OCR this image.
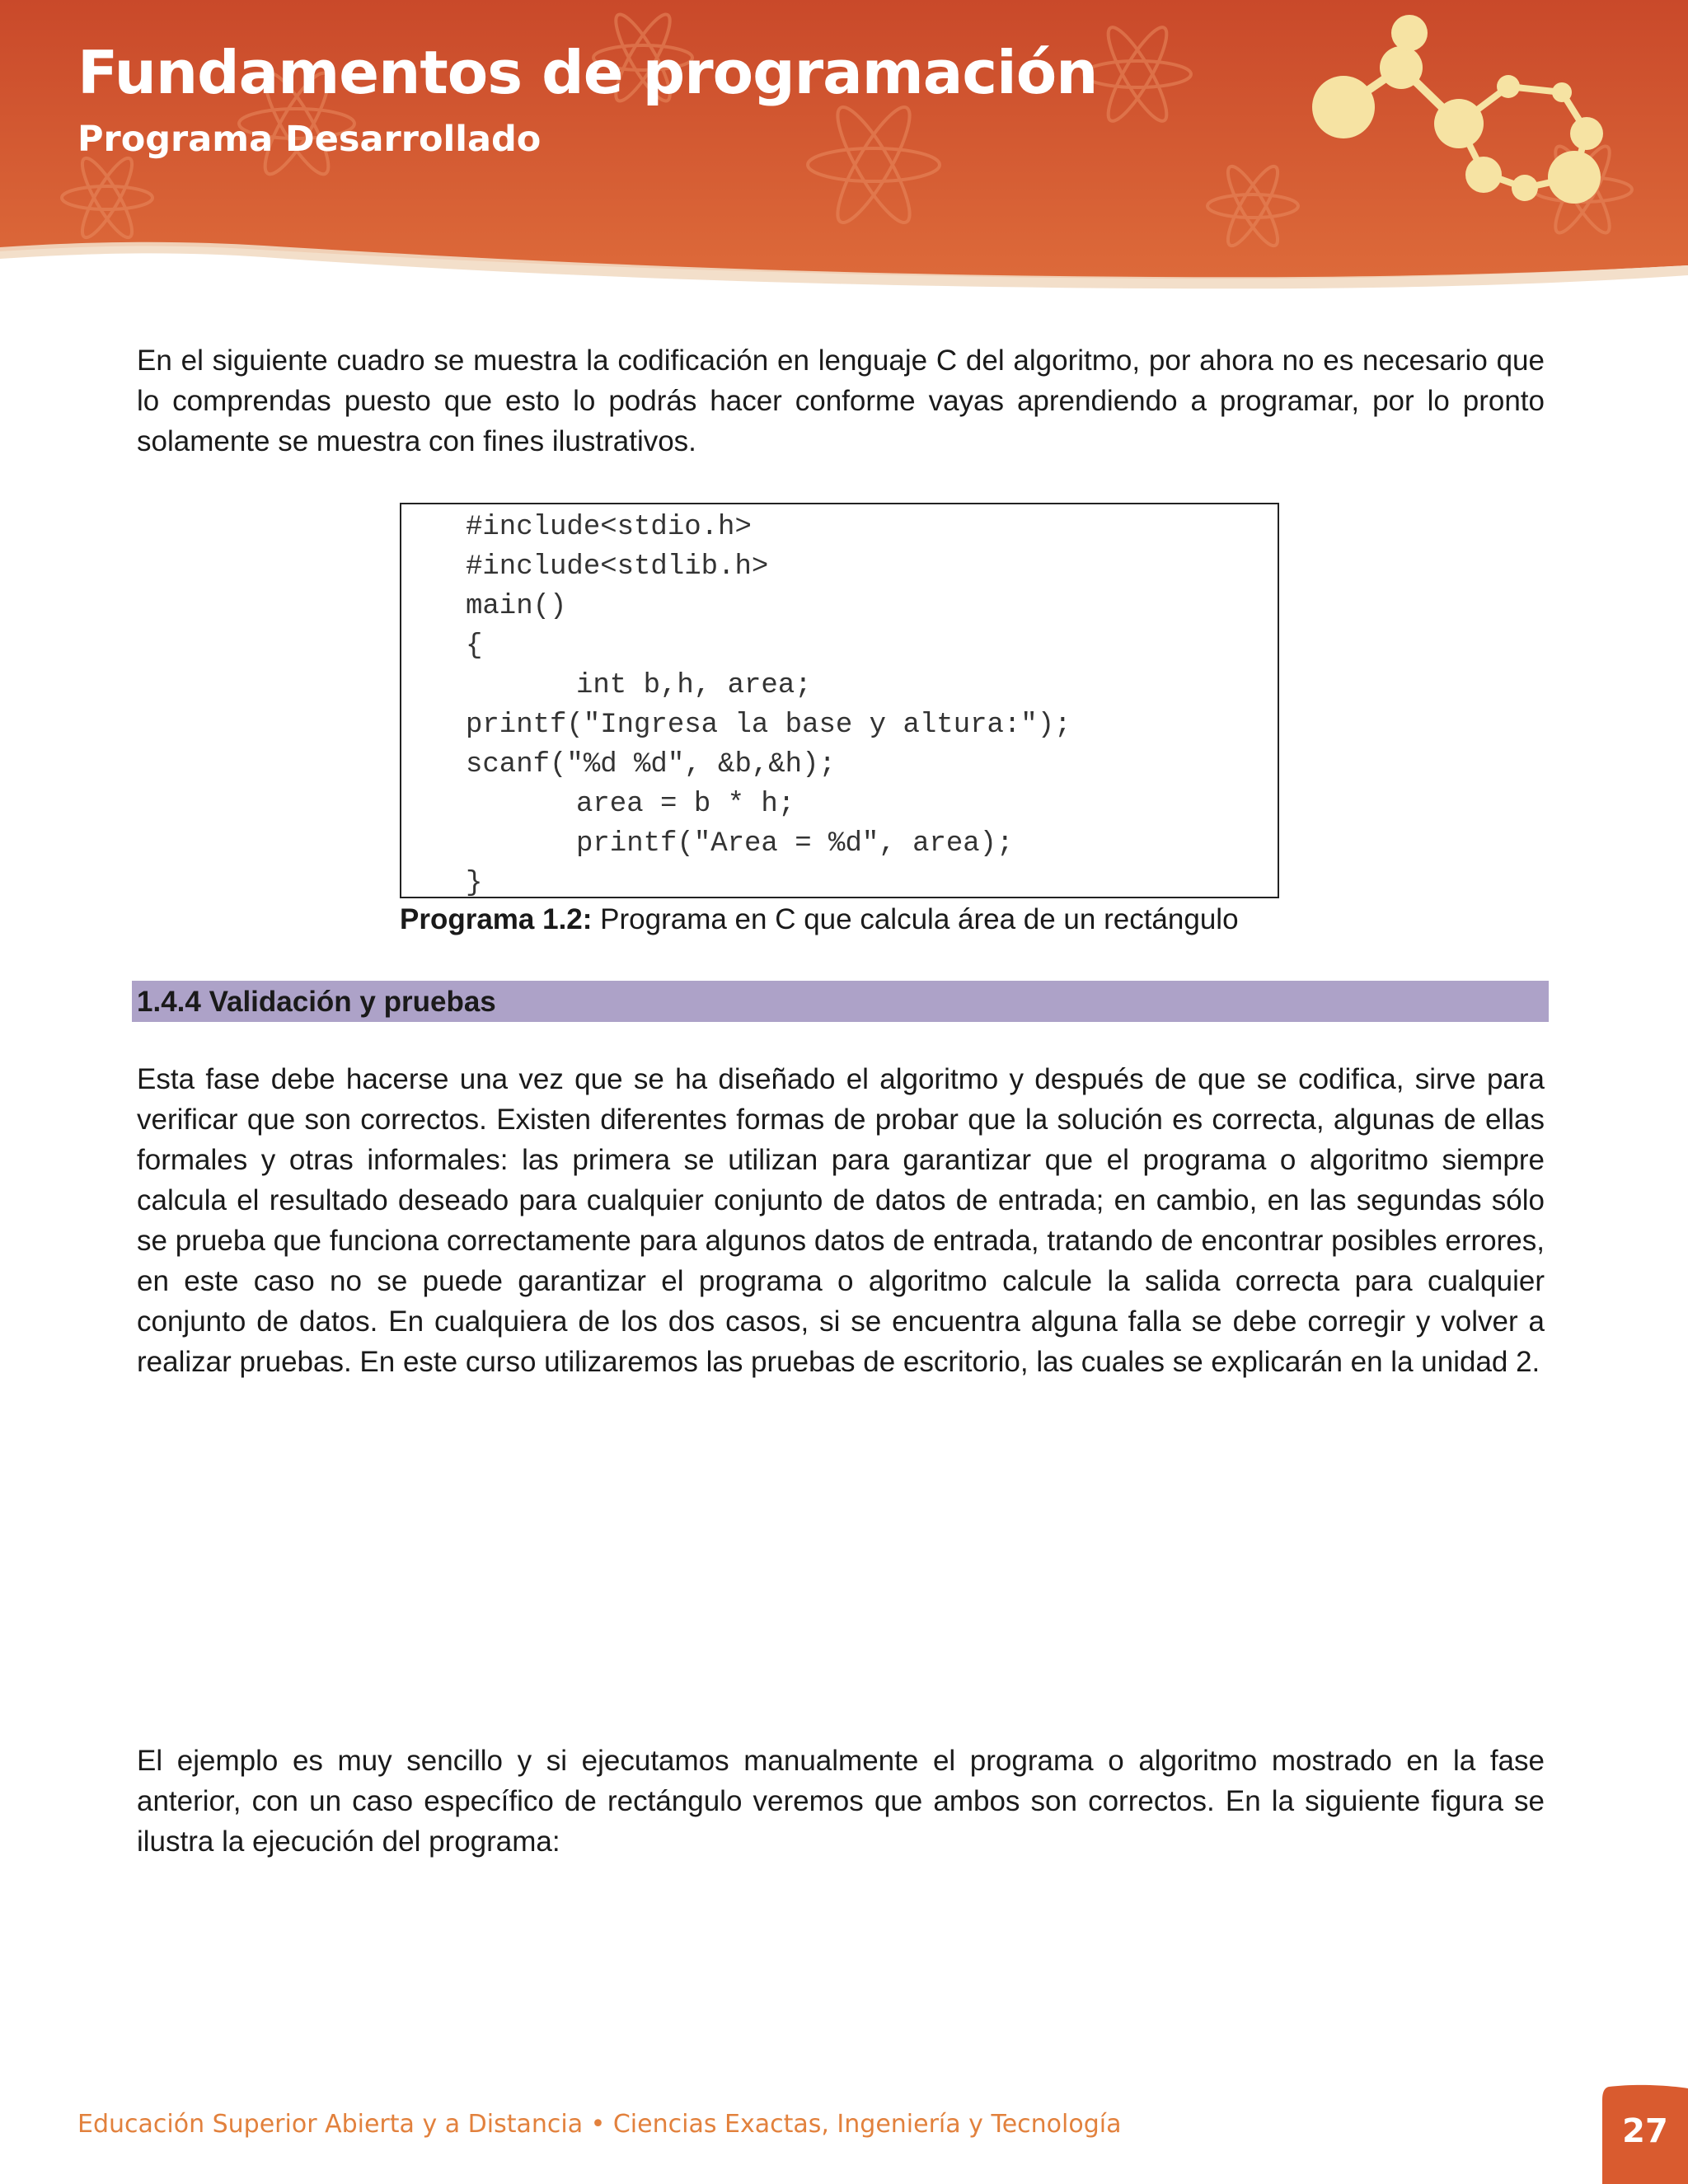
Fundamentos de programación
Programa Desarrollado

En el siguiente cuadro se muestra la codificación en lenguaje C del algoritmo, por ahora no es necesario que lo comprendas puesto que esto lo podrás hacer conforme vayas aprendiendo a programar, por lo pronto solamente se muestra con fines ilustrativos.

#include<stdio.h>
#include<stdlib.h>
main()
{
int b,h, area;
printf("Ingresa la base y altura:");
scanf("%d %d", &b,&h);
area = b * h;
printf("Area = %d", area);
}
Programa 1.2: Programa en C que calcula área de un rectángulo
1.4.4 Validación y pruebas

Esta fase debe hacerse una vez que se ha diseñado el algoritmo y después de que se codifica, sirve para verificar que son correctos. Existen diferentes formas de probar que la solución es correcta, algunas de ellas formales y otras informales: las primera se utilizan para garantizar que el programa o algoritmo siempre calcula el resultado deseado para cualquier conjunto de datos de entrada; en cambio, en las segundas sólo se prueba que funciona correctamente para algunos datos de entrada, tratando de encontrar posibles errores, en este caso no se puede garantizar el programa o algoritmo calcule la salida correcta para cualquier conjunto de datos. En cualquiera de los dos casos, si se encuentra alguna falla se debe corregir y volver a realizar pruebas. En este curso utilizaremos las pruebas de escritorio, las cuales se explicarán en la unidad 2.

El ejemplo es muy sencillo y si ejecutamos manualmente el programa o algoritmo mostrado en la fase anterior, con un caso específico de rectángulo veremos que ambos son correctos. En la siguiente figura se ilustra la ejecución del programa:

Educación Superior Abierta y a Distancia • Ciencias Exactas, Ingeniería y Tecnología	27
